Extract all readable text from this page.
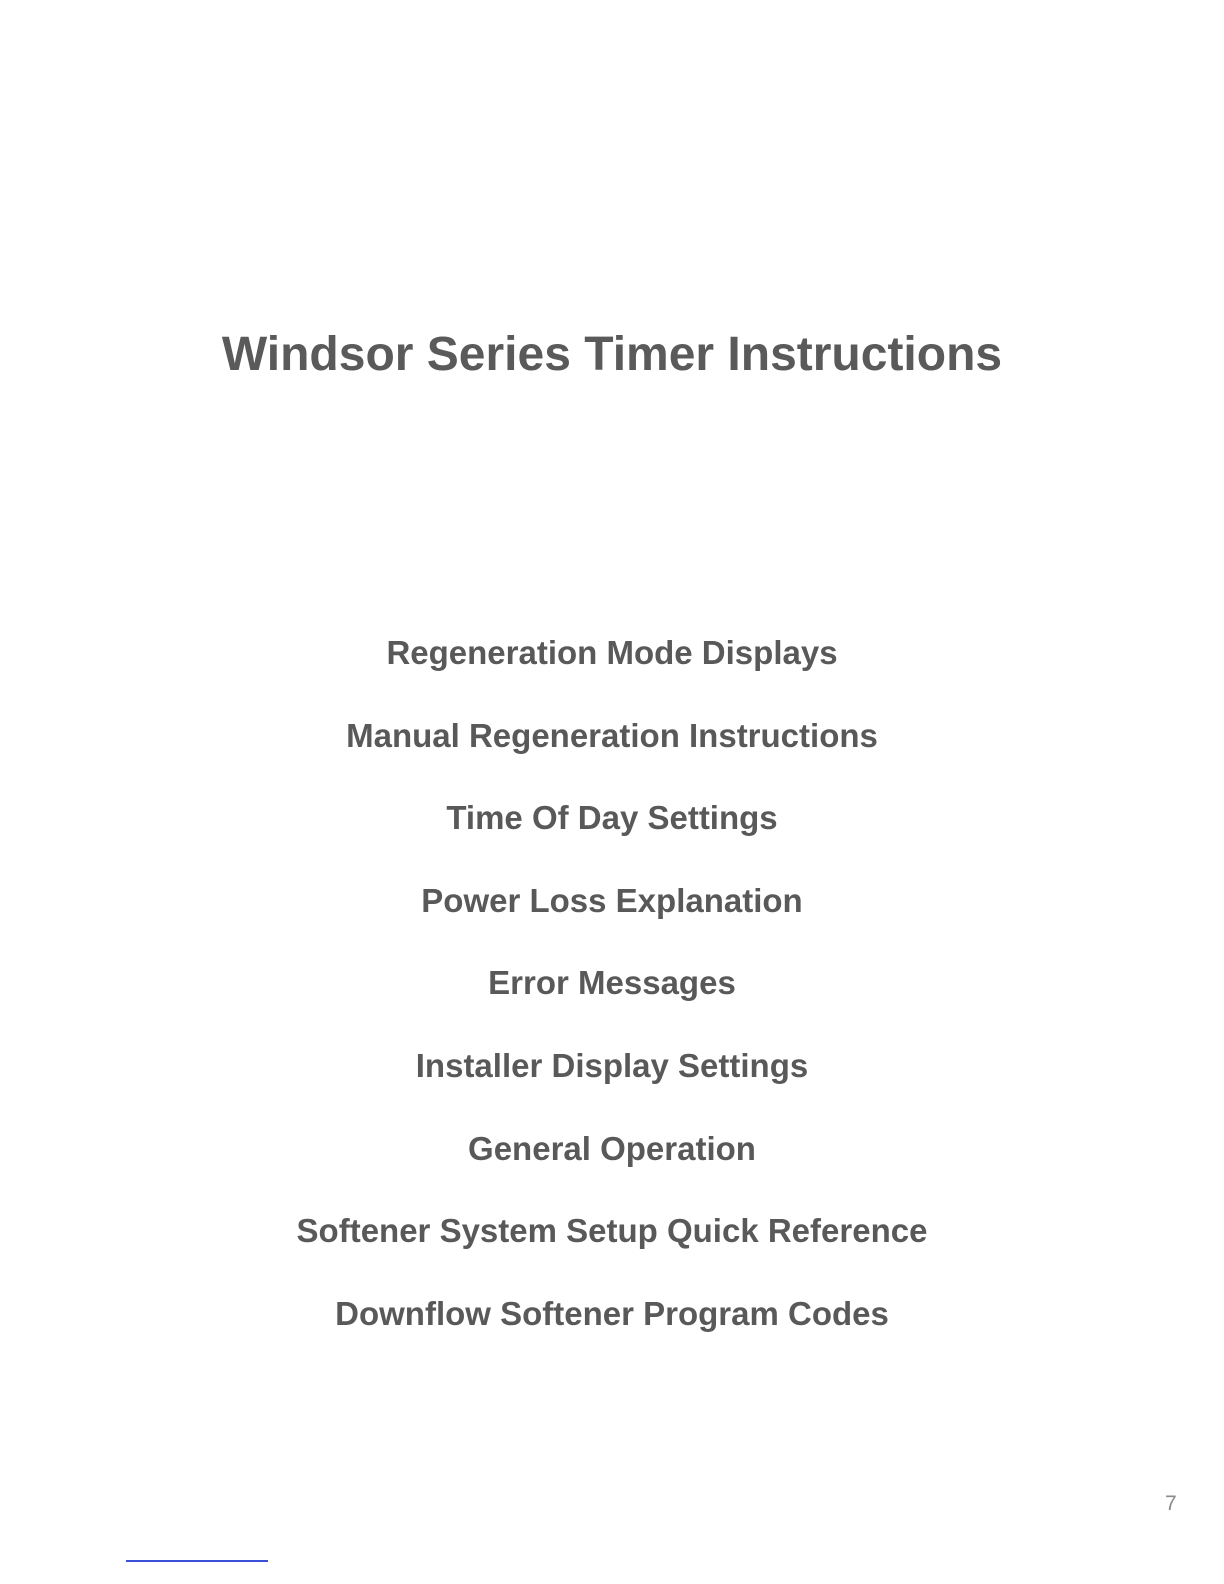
Windsor Series Timer Instructions
Regeneration Mode Displays
Manual Regeneration Instructions
Time Of Day Settings
Power Loss Explanation
Error Messages
Installer Display Settings
General Operation
Softener System Setup Quick Reference
Downflow Softener Program Codes
7
